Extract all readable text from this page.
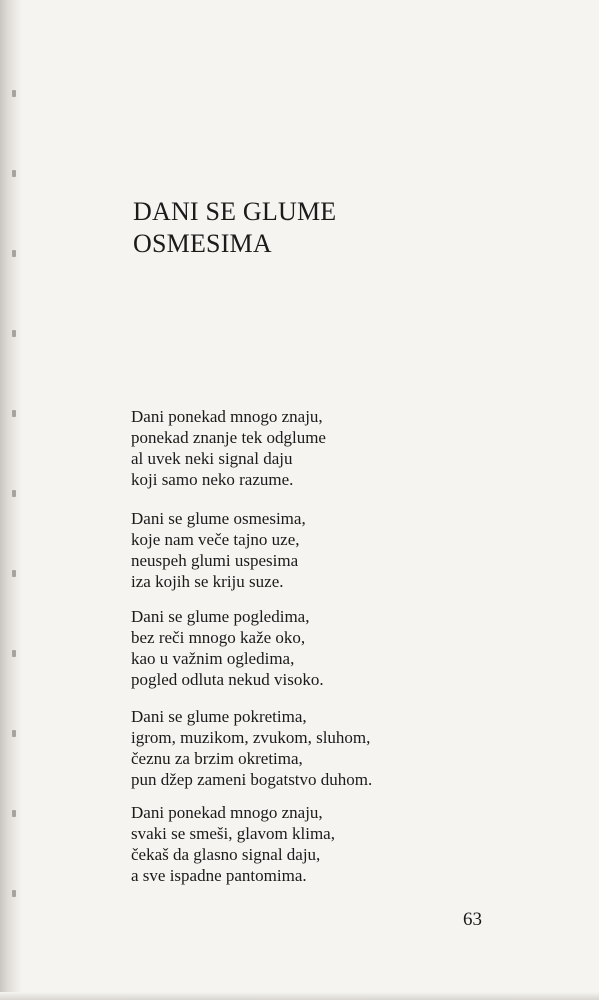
DANI SE GLUME
OSMESIMA
Dani ponekad mnogo znaju,
ponekad znanje tek odglume
al uvek neki signal daju
koji samo neko razume.
Dani se glume osmesima,
koje nam veče tajno uze,
neuspeh glumi uspesima
iza kojih se kriju suze.
Dani se glume pogledima,
bez reči mnogo kaže oko,
kao u važnim ogledima,
pogled odluta nekud visoko.
Dani se glume pokretima,
igrom, muzikom, zvukom, sluhom,
čeznu za brzim okretima,
pun džep zameni bogatstvo duhom.
Dani ponekad mnogo znaju,
svaki se smeši, glavom klima,
čekaš da glasno signal daju,
a sve ispadne pantomima.
63
